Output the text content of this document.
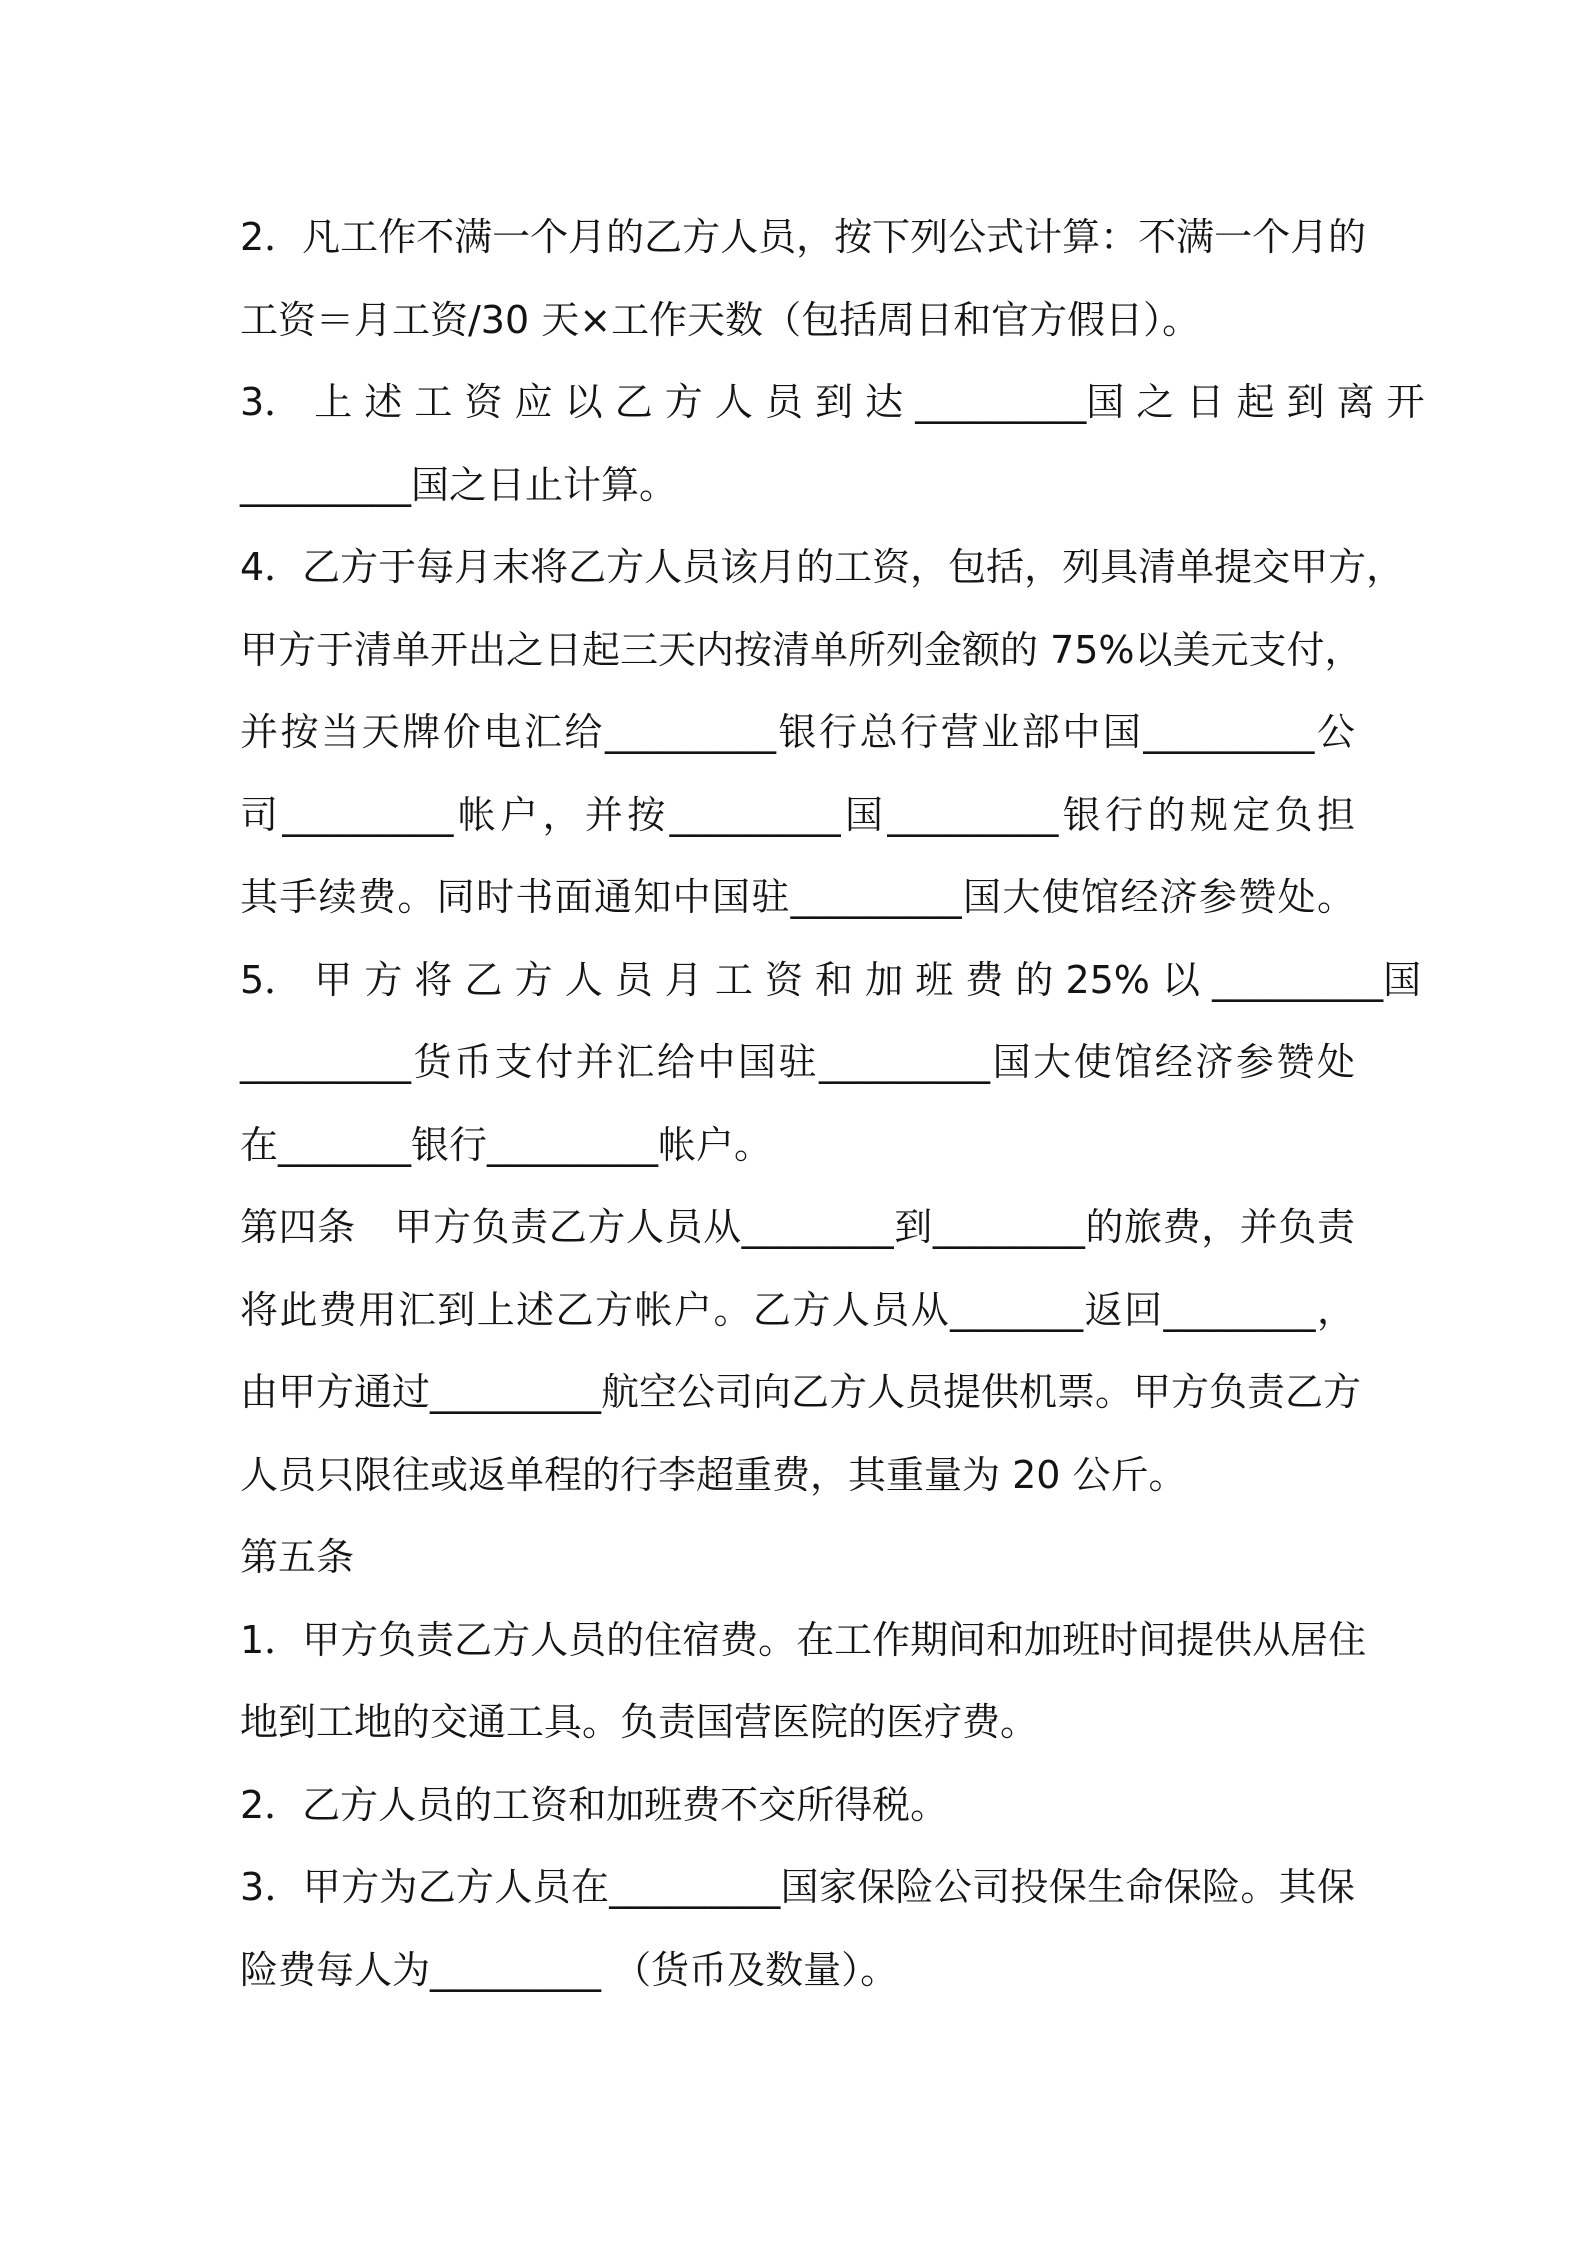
2．凡工作不满一个月的乙方人员，按下列公式计算：不满一个月的
工资＝月工资/30 天×工作天数（包括周日和官方假日）。
3． 上 述 工 资 应 以 乙 方 人 员 到 达 _________国 之 日 起 到 离 开
_________国之日止计算。
4．乙方于每月末将乙方人员该月的工资，包括，列具清单提交甲方，
甲方于清单开出之日起三天内按清单所列金额的 75%以美元支付，
并按当天牌价电汇给_________银行总行营业部中国_________公
司_________帐户，并按_________国_________银行的规定负担
其手续费。同时书面通知中国驻_________国大使馆经济参赞处。
5． 甲 方 将 乙 方 人 员 月 工 资 和 加 班 费 的 25% 以 _________国
_________货币支付并汇给中国驻_________国大使馆经济参赞处
在_______银行_________帐户。
第四条　甲方负责乙方人员从________到________的旅费，并负责
将此费用汇到上述乙方帐户。乙方人员从_______返回________，
由甲方通过_________航空公司向乙方人员提供机票。甲方负责乙方
人员只限往或返单程的行李超重费，其重量为 20 公斤。
第五条
1．甲方负责乙方人员的住宿费。在工作期间和加班时间提供从居住
地到工地的交通工具。负责国营医院的医疗费。
2．乙方人员的工资和加班费不交所得税。
3．甲方为乙方人员在_________国家保险公司投保生命保险。其保
险费每人为_________ （货币及数量）。
